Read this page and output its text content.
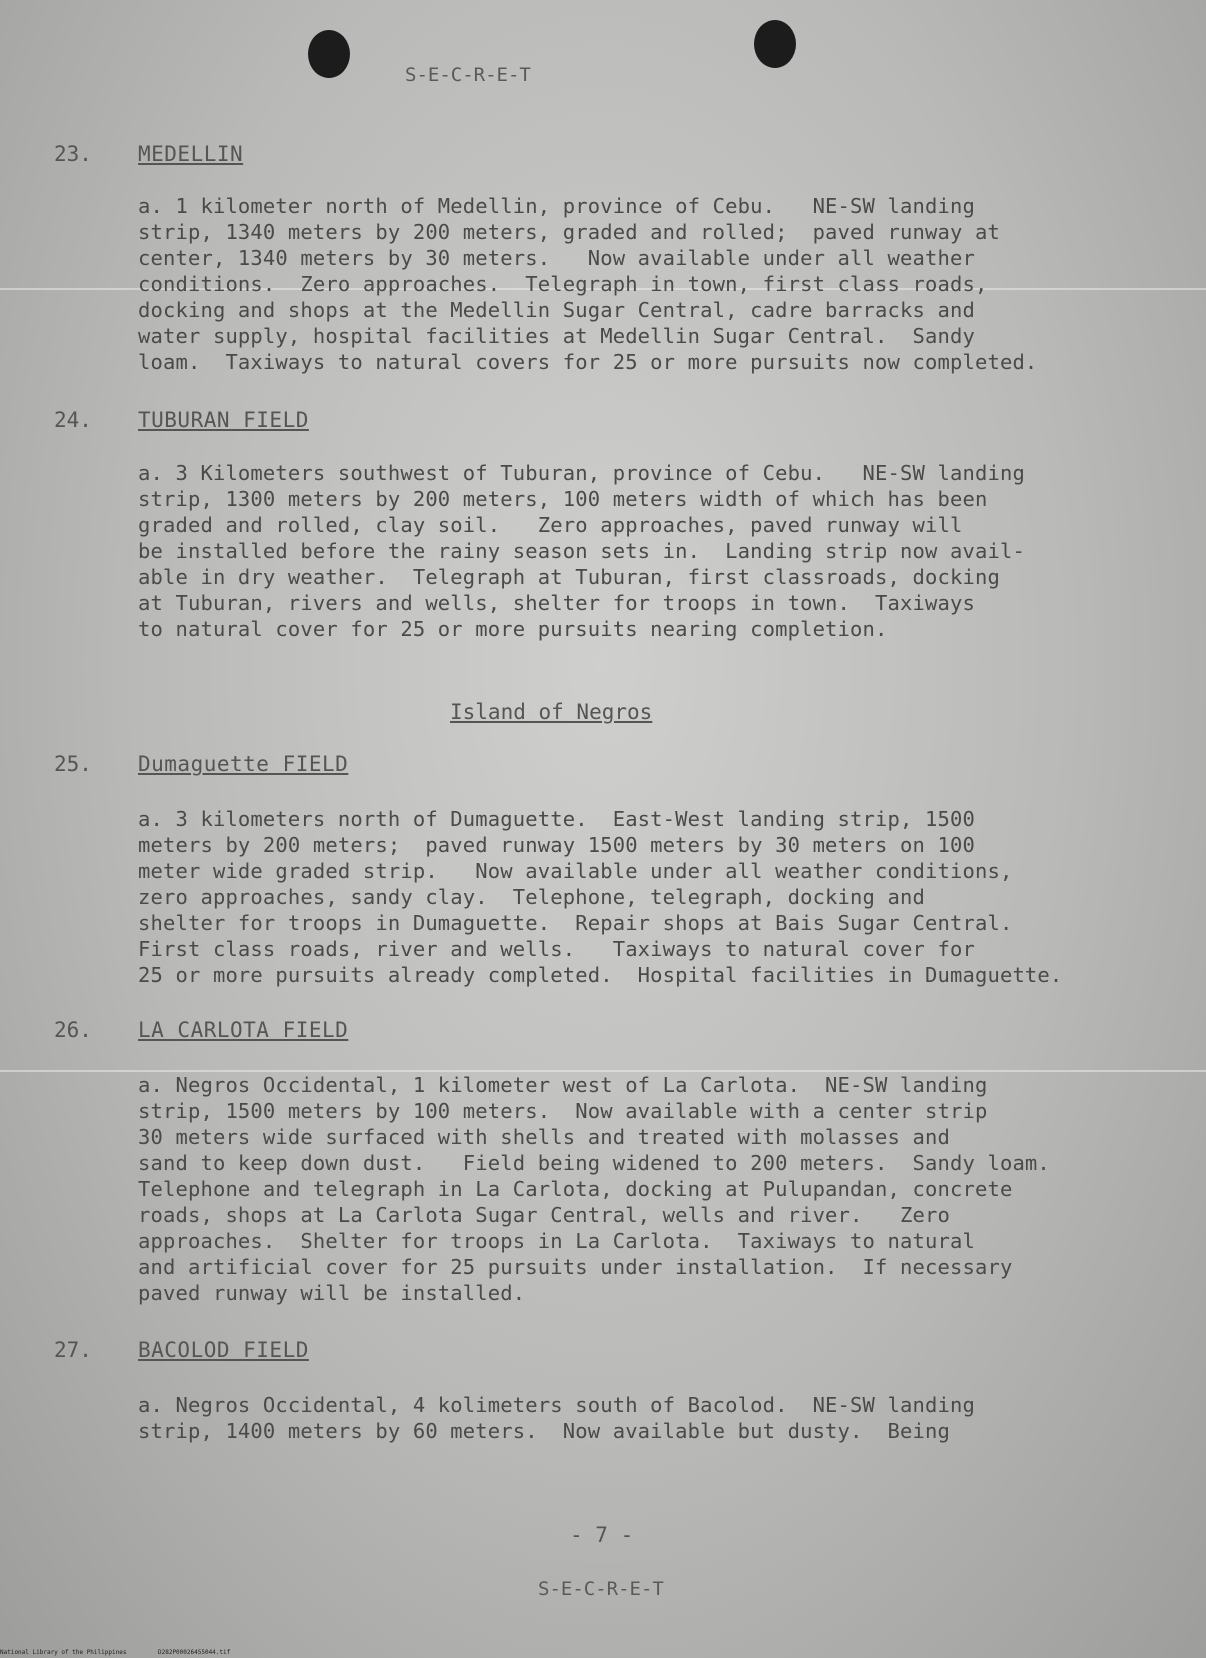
S-E-C-R-E-T
23. MEDELLIN
a. 1 kilometer north of Medellin, province of Cebu.   NE-SW landing
strip, 1340 meters by 200 meters, graded and rolled;  paved runway at
center, 1340 meters by 30 meters.   Now available under all weather
conditions.  Zero approaches.  Telegraph in town, first class roads,
docking and shops at the Medellin Sugar Central, cadre barracks and
water supply, hospital facilities at Medellin Sugar Central.  Sandy
loam.  Taxiways to natural covers for 25 or more pursuits now completed.
24. TUBURAN FIELD
a. 3 Kilometers southwest of Tuburan, province of Cebu.   NE-SW landing
strip, 1300 meters by 200 meters, 100 meters width of which has been
graded and rolled, clay soil.   Zero approaches, paved runway will
be installed before the rainy season sets in.  Landing strip now avail-
able in dry weather.  Telegraph at Tuburan, first classroads, docking
at Tuburan, rivers and wells, shelter for troops in town.  Taxiways
to natural cover for 25 or more pursuits nearing completion.
Island of Negros
25. Dumaguette FIELD
a. 3 kilometers north of Dumaguette.  East-West landing strip, 1500
meters by 200 meters;  paved runway 1500 meters by 30 meters on 100
meter wide graded strip.   Now available under all weather conditions,
zero approaches, sandy clay.  Telephone, telegraph, docking and
shelter for troops in Dumaguette.  Repair shops at Bais Sugar Central.
First class roads, river and wells.   Taxiways to natural cover for
25 or more pursuits already completed.  Hospital facilities in Dumaguette.
26. LA CARLOTA FIELD
a. Negros Occidental, 1 kilometer west of La Carlota.  NE-SW landing
strip, 1500 meters by 100 meters.  Now available with a center strip
30 meters wide surfaced with shells and treated with molasses and
sand to keep down dust.   Field being widened to 200 meters.  Sandy loam.
Telephone and telegraph in La Carlota, docking at Pulupandan, concrete
roads, shops at La Carlota Sugar Central, wells and river.   Zero
approaches.  Shelter for troops in La Carlota.  Taxiways to natural
and artificial cover for 25 pursuits under installation.  If necessary
paved runway will be installed.
27. BACOLOD FIELD
a. Negros Occidental, 4 kolimeters south of Bacolod.  NE-SW landing
strip, 1400 meters by 60 meters.  Now available but dusty.  Being
- 7 -
S-E-C-R-E-T
National Library of the Philippines	D282P00026455044.tif
